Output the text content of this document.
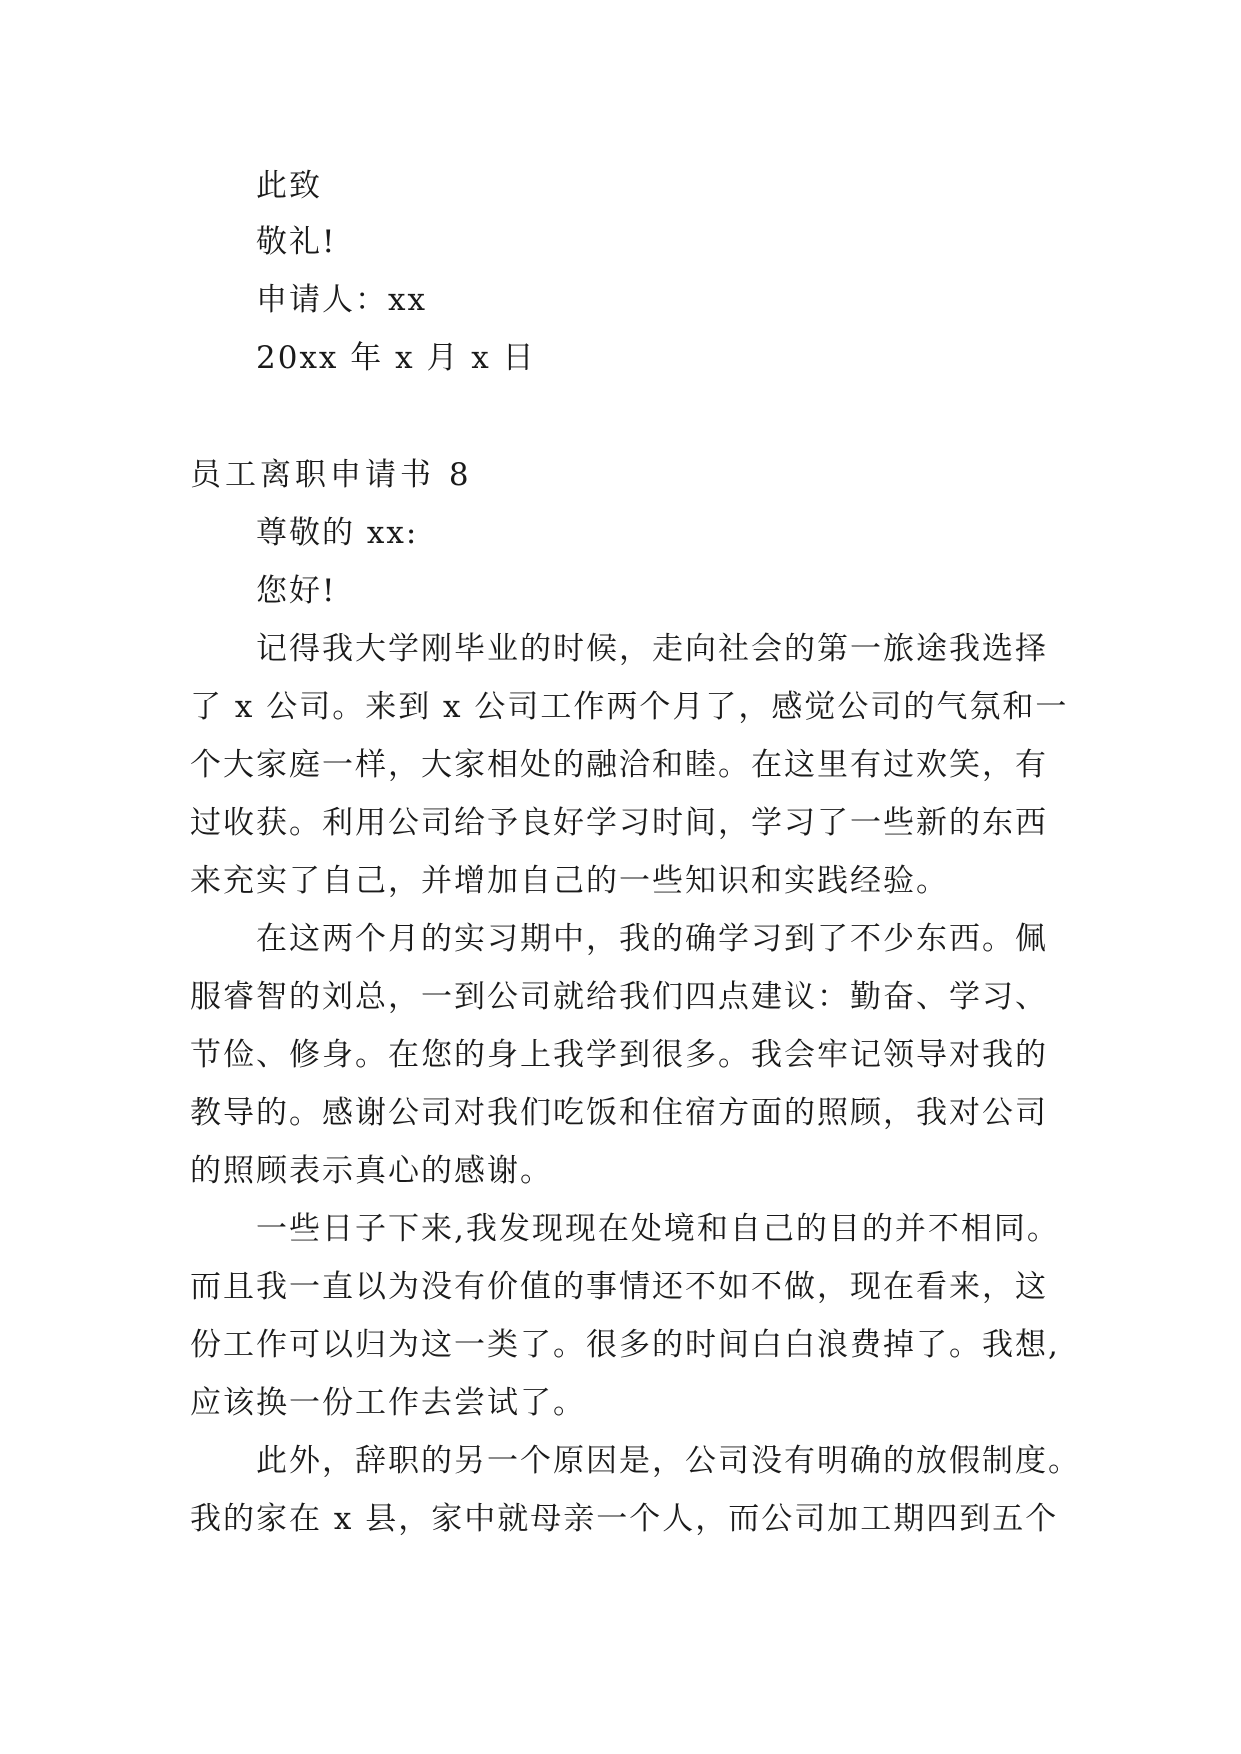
此致
敬礼!
申请人：xx
20xx 年 x 月 x 日
员工离职申请书 8
尊敬的 xx:
您好!
记得我大学刚毕业的时候，走向社会的第一旅途我选择
了 x 公司。来到 x 公司工作两个月了，感觉公司的气氛和一
个大家庭一样，大家相处的融洽和睦。在这里有过欢笑，有
过收获。利用公司给予良好学习时间，学习了一些新的东西
来充实了自己，并增加自己的一些知识和实践经验。
在这两个月的实习期中，我的确学习到了不少东西。佩
服睿智的刘总，一到公司就给我们四点建议：勤奋、学习、
节俭、修身。在您的身上我学到很多。我会牢记领导对我的
教导的。感谢公司对我们吃饭和住宿方面的照顾，我对公司
的照顾表示真心的感谢。
一些日子下来,我发现现在处境和自己的目的并不相同。
而且我一直以为没有价值的事情还不如不做，现在看来，这
份工作可以归为这一类了。很多的时间白白浪费掉了。我想,
应该换一份工作去尝试了。
此外，辞职的另一个原因是，公司没有明确的放假制度。
我的家在 x 县，家中就母亲一个人，而公司加工期四到五个
